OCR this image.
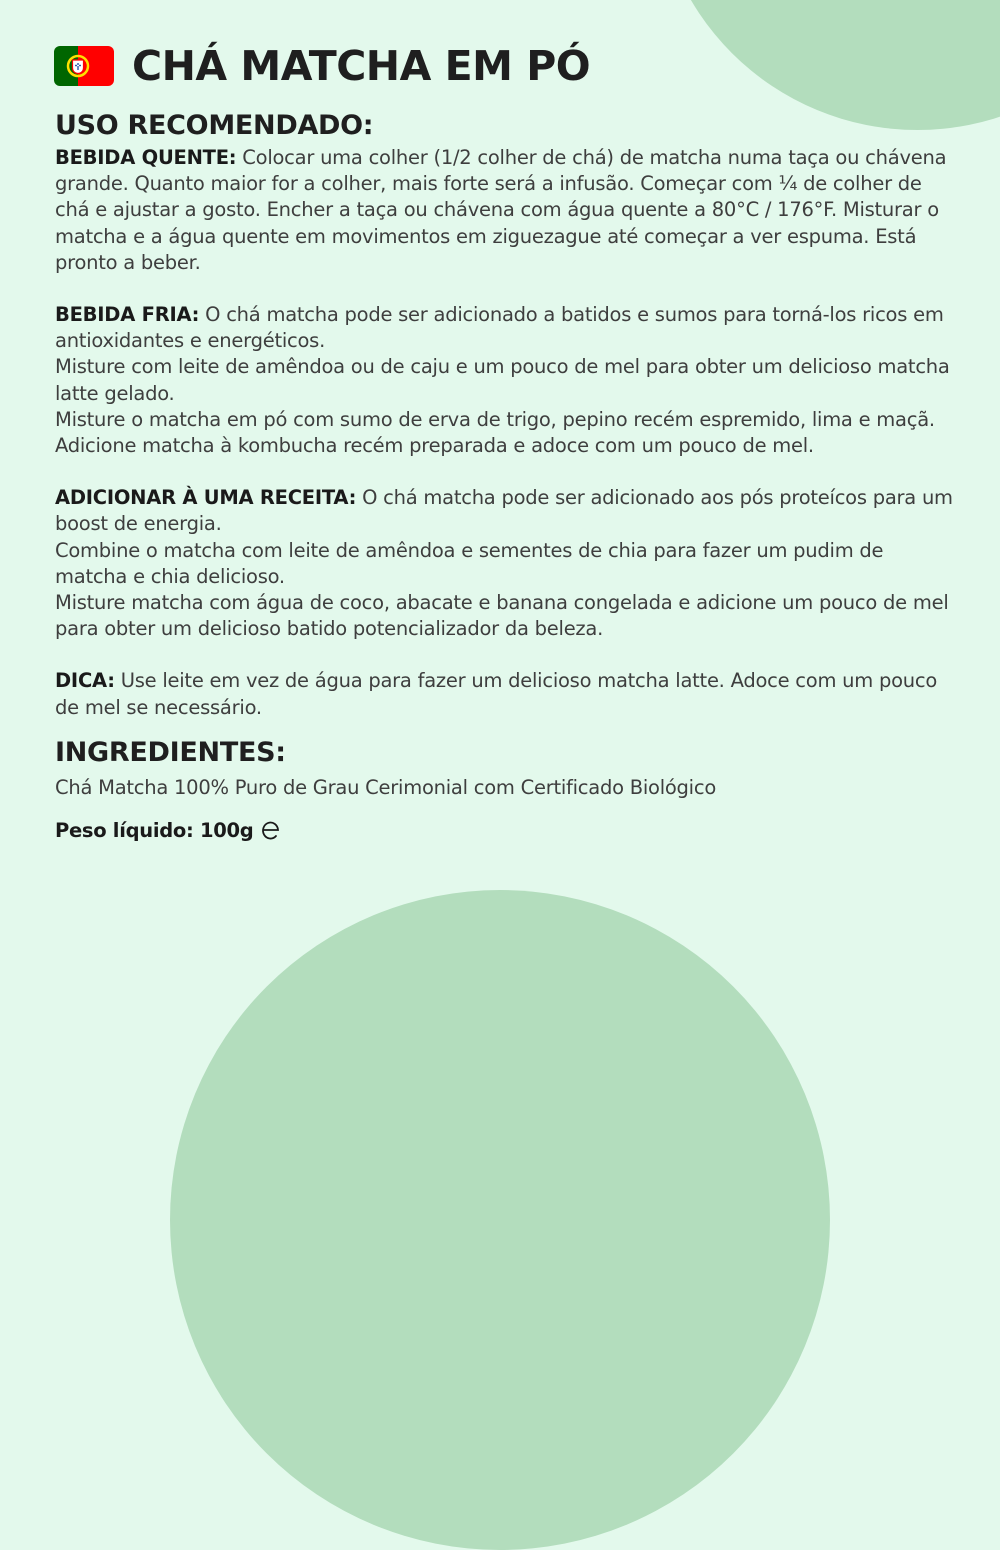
CHÁ MATCHA EM PÓ
USO RECOMENDADO:

BEBIDA QUENTE: Colocar uma colher (1/2 colher de chá) de matcha numa taça ou chávena grande. Quanto maior for a colher, mais forte será a infusão. Começar com ¼ de colher de chá e ajustar a gosto. Encher a taça ou chávena com água quente a 80°C / 176°F. Misturar o matcha e a água quente em movimentos em ziguezague até começar a ver espuma. Está pronto a beber.

BEBIDA FRIA: O chá matcha pode ser adicionado a batidos e sumos para torná-los ricos em antioxidantes e energéticos.
Misture com leite de amêndoa ou de caju e um pouco de mel para obter um delicioso matcha latte gelado.
Misture o matcha em pó com sumo de erva de trigo, pepino recém espremido, lima e maçã.
Adicione matcha à kombucha recém preparada e adoce com um pouco de mel.
ADICIONAR À UMA RECEITA: O chá matcha pode ser adicionado aos pós proteícos para um boost de energia.
Combine o matcha com leite de amêndoa e sementes de chia para fazer um pudim de matcha e chia delicioso.
Misture matcha com água de coco, abacate e banana congelada e adicione um pouco de mel para obter um delicioso batido potencializador da beleza.

DICA: Use leite em vez de água para fazer um delicioso matcha latte. Adoce com um pouco de mel se necessário.

INGREDIENTES:

Chá Matcha 100% Puro de Grau Cerimonial com Certificado Biológico

Peso líquido: 100g
